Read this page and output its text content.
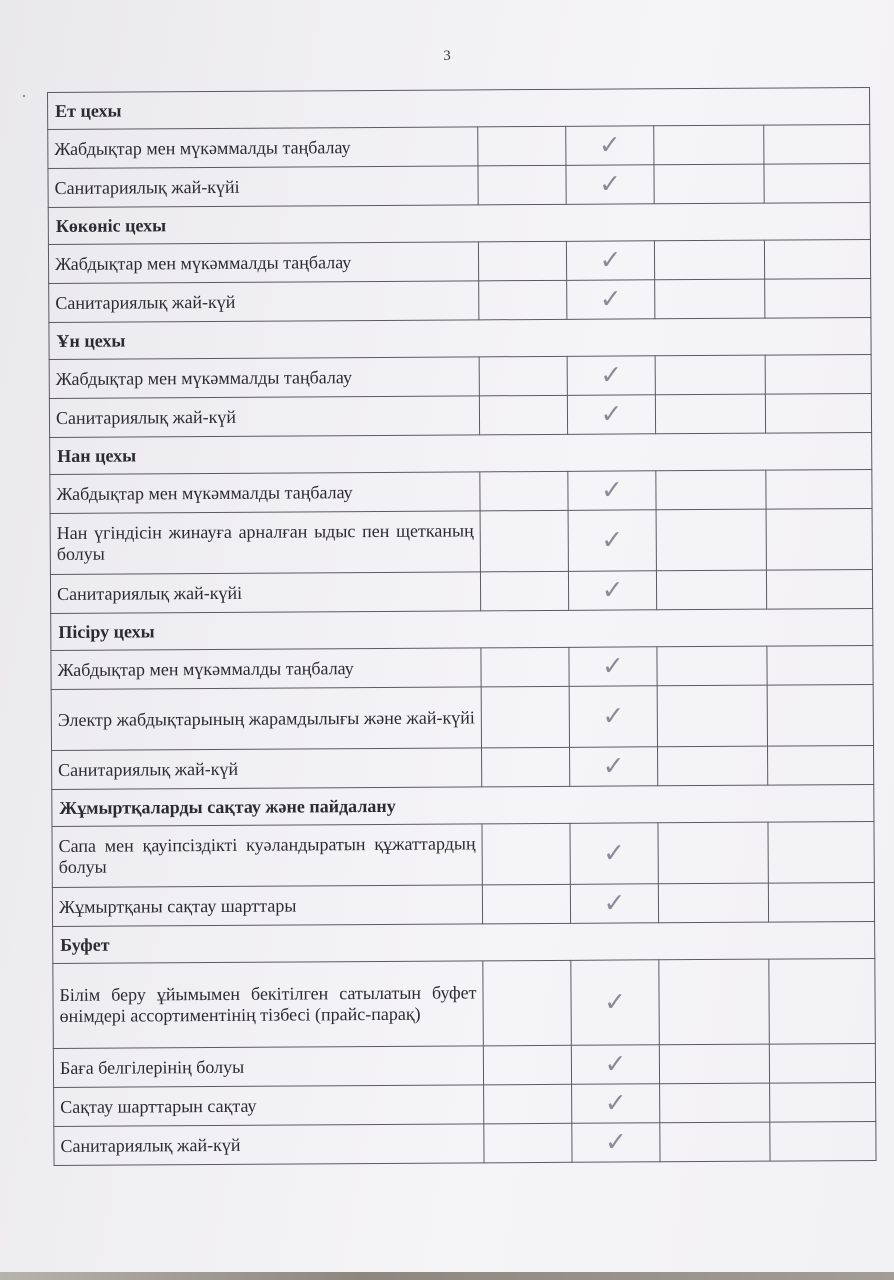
3
Ет цехы				
Жабдықтар мен мүкәммалды таңбалау		✓		
Санитариялық жай-күйі		✓		
Көкөніс цехы				
Жабдықтар мен мүкәммалды таңбалау		✓		
Санитариялық жай-күй		✓		
Ұн цехы				
Жабдықтар мен мүкәммалды таңбалау		✓		
Санитариялық жай-күй		✓		
Нан цехы				
Жабдықтар мен мүкәммалды таңбалау		✓		
Нан үгіндісін жинауға арналған ыдыс пен щетканың болуы		✓		
Санитариялық жай-күйі		✓		
Пісіру цехы				
Жабдықтар мен мүкәммалды таңбалау		✓		
Электр жабдықтарының жарамдылығы және жай-күйі		✓		
Санитариялық жай-күй		✓		
Жұмыртқаларды сақтау және пайдалану				
Сапа мен қауіпсіздікті куәландыратын құжаттардың болуы		✓		
Жұмыртқаны сақтау шарттары		✓		
Буфет				
Білім беру ұйымымен бекітілген сатылатын буфет өнімдері ассортиментінің тізбесі (прайс-парақ)		✓		
Баға белгілерінің болуы		✓		
Сақтау шарттарын сақтау		✓		
Санитариялық жай-күй		✓		
